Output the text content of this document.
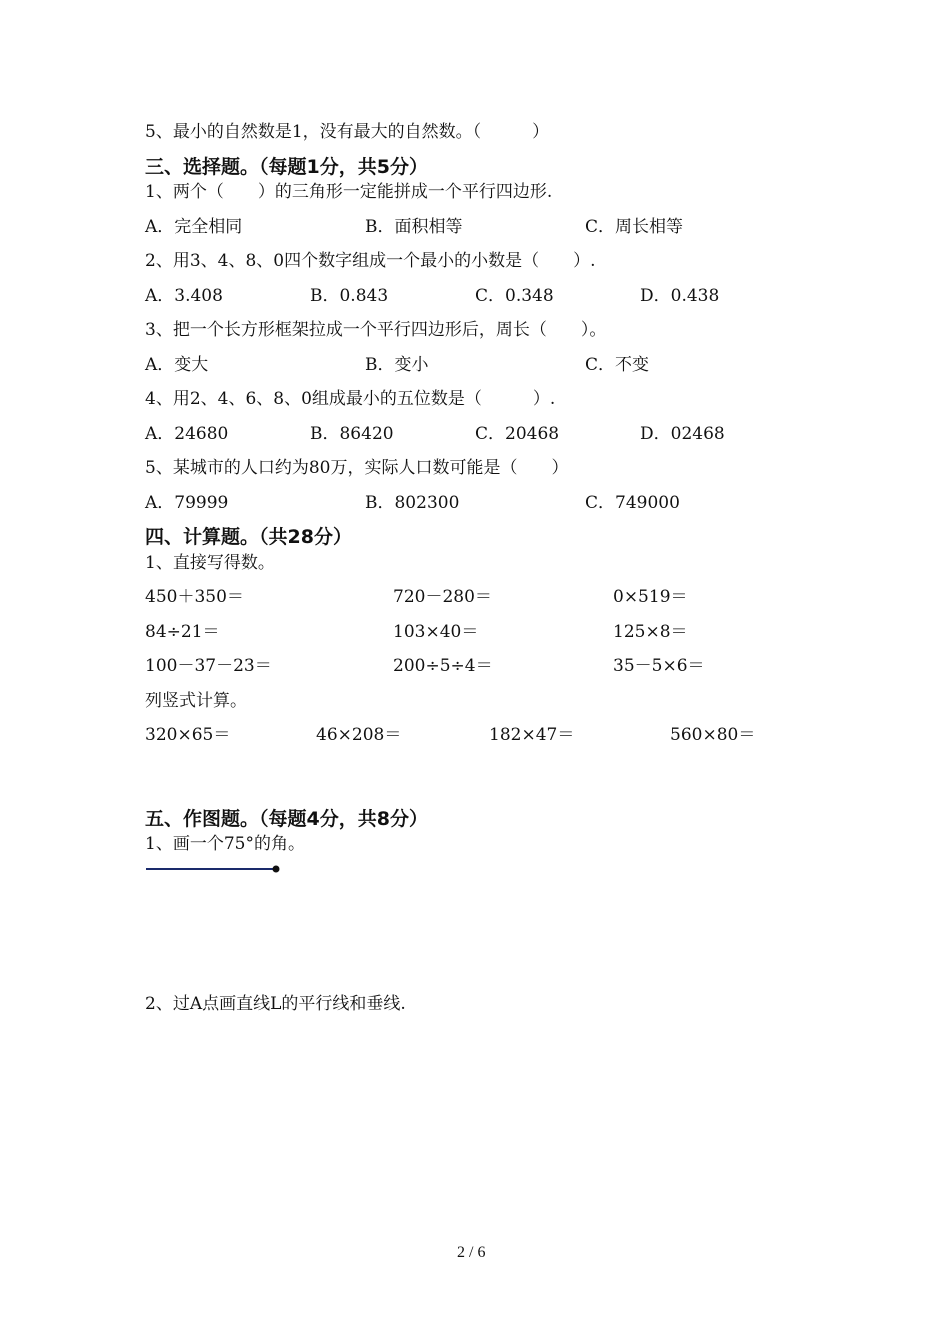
5、最小的自然数是1，没有最大的自然数。（　　　）
三、选择题。（每题1分，共5分）
1、两个（　　）的三角形一定能拼成一个平行四边形.
A．完全相同	B．面积相等	C．周长相等
2、用3、4、8、0四个数字组成一个最小的小数是（　　）.
A．3.408	B．0.843	C．0.348	D．0.438
3、把一个长方形框架拉成一个平行四边形后，周长（　　）。
A．变大	B．变小	C．不变
4、用2、4、6、8、0组成最小的五位数是（　　　）.
A．24680	B．86420	C．20468	D．02468
5、某城市的人口约为80万，实际人口数可能是（　　）
A．79999	B．802300	C．749000
四、计算题。（共28分）
1、直接写得数。
450＋350＝	720－280＝	0×519＝
84÷21＝	103×40＝	125×8＝
100－37－23＝	200÷5÷4＝	35－5×6＝
列竖式计算。
320×65＝	46×208＝	182×47＝	560×80＝
五、作图题。（每题4分，共8分）
1、画一个75°的角。
2、过A点画直线L的平行线和垂线.
2 / 6
